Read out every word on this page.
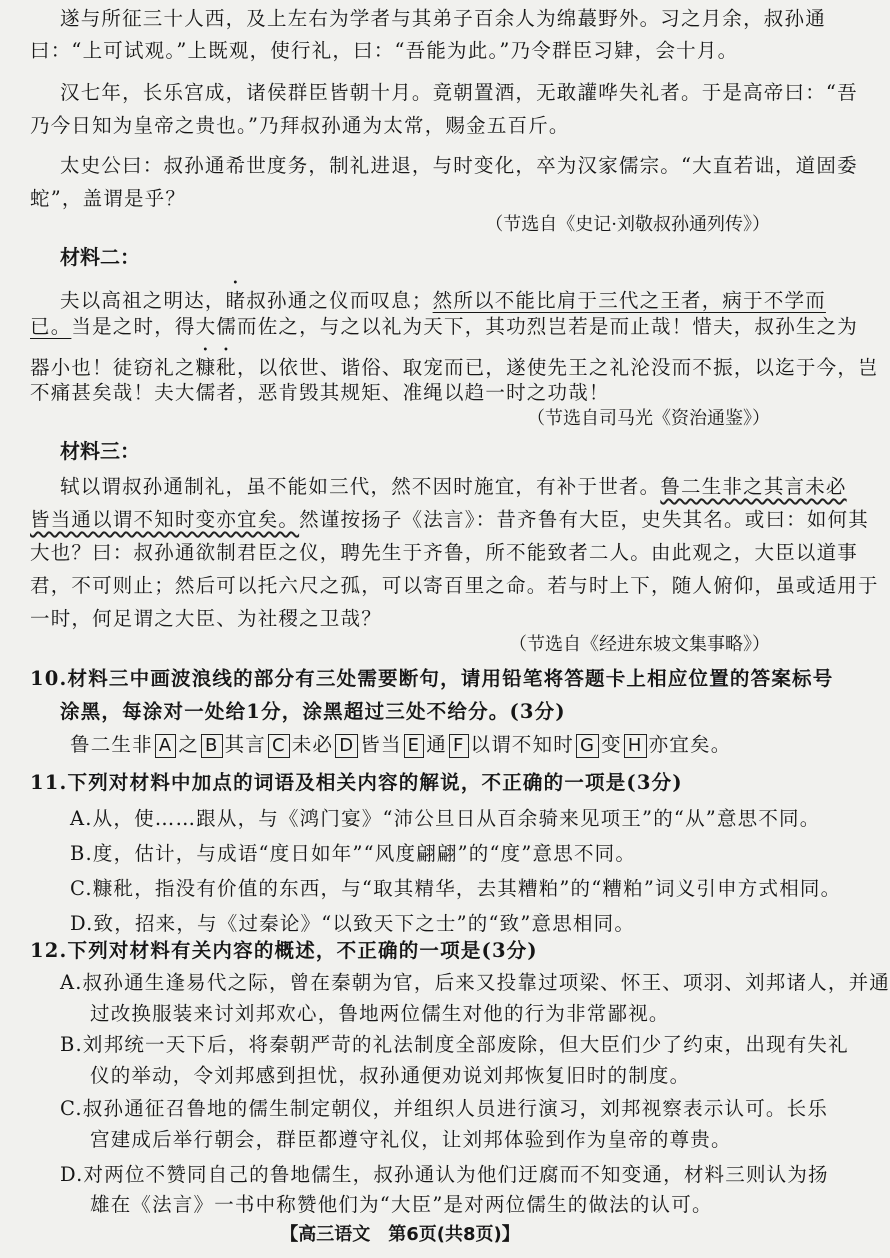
遂与所征三十人西，及上左右为学者与其弟子百余人为绵蕞野外。习之月余，叔孙通
曰：“上可试观。”上既观，使行礼，曰：“吾能为此。”乃令群臣习肄，会十月。
汉七年，长乐宫成，诸侯群臣皆朝十月。竟朝置酒，无敢讙哗失礼者。于是高帝曰：“吾
乃今日知为皇帝之贵也。”乃拜叔孙通为太常，赐金五百斤。
太史公曰：叔孙通希世度务，制礼进退，与时变化，卒为汉家儒宗。“大直若诎，道固委
蛇”，盖谓是乎？
（节选自《史记·刘敬叔孙通列传》）
材料二：
夫以高祖之明达，睹叔孙通之仪而叹息；然所以不能比肩于三代之王者，病于不学而
已。当是之时，得大儒而佐之，与之以礼为天下，其功烈岂若是而止哉！惜夫，叔孙生之为
器小也！徒窃礼之糠秕，以依世、谐俗、取宠而已，遂使先王之礼沦没而不振，以迄于今，岂
不痛甚矣哉！夫大儒者，恶肯毁其规矩、准绳以趋一时之功哉！
（节选自司马光《资治通鉴》）
材料三：
轼以谓叔孙通制礼，虽不能如三代，然不因时施宜，有补于世者。鲁二生非之其言未必
皆当通以谓不知时变亦宜矣。然谨按扬子《法言》：昔齐鲁有大臣，史失其名。或曰：如何其
大也？曰：叔孙通欲制君臣之仪，聘先生于齐鲁，所不能致者二人。由此观之，大臣以道事
君，不可则止；然后可以托六尺之孤，可以寄百里之命。若与时上下，随人俯仰，虽或适用于
一时，何足谓之大臣、为社稷之卫哉？
（节选自《经进东坡文集事略》）
10.材料三中画波浪线的部分有三处需要断句，请用铅笔将答题卡上相应位置的答案标号
涂黑，每涂对一处给1分，涂黑超过三处不给分。(3分)
鲁二生非 A 之 B 其言 C 未必 D 皆当 E 通 F 以谓不知时 G 变 H 亦宜矣。
11.下列对材料中加点的词语及相关内容的解说，不正确的一项是(3分)
A.从，使……跟从，与《鸿门宴》“沛公旦日从百余骑来见项王”的“从”意思不同。
B.度，估计，与成语“度日如年”“风度翩翩”的“度”意思不同。
C.糠秕，指没有价值的东西，与“取其精华，去其糟粕”的“糟粕”词义引申方式相同。
D.致，招来，与《过秦论》“以致天下之士”的“致”意思相同。
12.下列对材料有关内容的概述，不正确的一项是(3分)
A.叔孙通生逢易代之际，曾在秦朝为官，后来又投靠过项梁、怀王、项羽、刘邦诸人，并通
过改换服装来讨刘邦欢心，鲁地两位儒生对他的行为非常鄙视。
B.刘邦统一天下后，将秦朝严苛的礼法制度全部废除，但大臣们少了约束，出现有失礼
仪的举动，令刘邦感到担忧，叔孙通便劝说刘邦恢复旧时的制度。
C.叔孙通征召鲁地的儒生制定朝仪，并组织人员进行演习，刘邦视察表示认可。长乐
宫建成后举行朝会，群臣都遵守礼仪，让刘邦体验到作为皇帝的尊贵。
【高三语文　第6页(共8页)】
D.对两位不赞同自己的鲁地儒生，叔孙通认为他们迂腐而不知变通，材料三则认为扬
雄在《法言》一书中称赞他们为“大臣”是对两位儒生的做法的认可。
